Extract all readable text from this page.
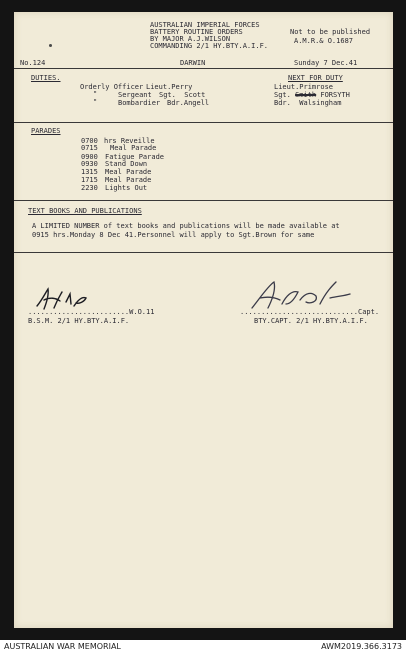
AUSTRALIAN IMPERIAL FORCES
BATTERY ROUTINE ORDERS
BY MAJOR A.J.WILSON
COMMANDING 2/1 HY.BTY.A.I.F.
Not to be published
A.M.R.& O.1687
No.124	DARWIN	Sunday 7 Dec.41
DUTIES.	NEXT FOR DUTY
Orderly Officer Lieut.Perry	Lieut.Primrose
"	Sergeant Sgt.  Scott	Sgt. Smith FORSYTH
"	Bombardier Bdr.Angell	Bdr.  Walsingham
PARADES
0700 hrs Reveille
0715 Meal Parade
0900 Fatigue Parade
0930 Stand Down
1315 Meal Parade
1715 Meal Parade
2230 Lights Out
TEXT BOOKS AND PUBLICATIONS
A LIMITED NUMBER of text books and publications will be made available at
0915 hrs.Monday 8 Dec 41.Personnel will apply to Sgt.Brown for same
........................W.O.11
B.S.M. 2/1 HY.BTY.A.I.F.
............................Capt.
BTY.CAPT. 2/1 HY.BTY.A.I.F.
AUSTRALIAN WAR MEMORIAL	AWM2019.366.3173
